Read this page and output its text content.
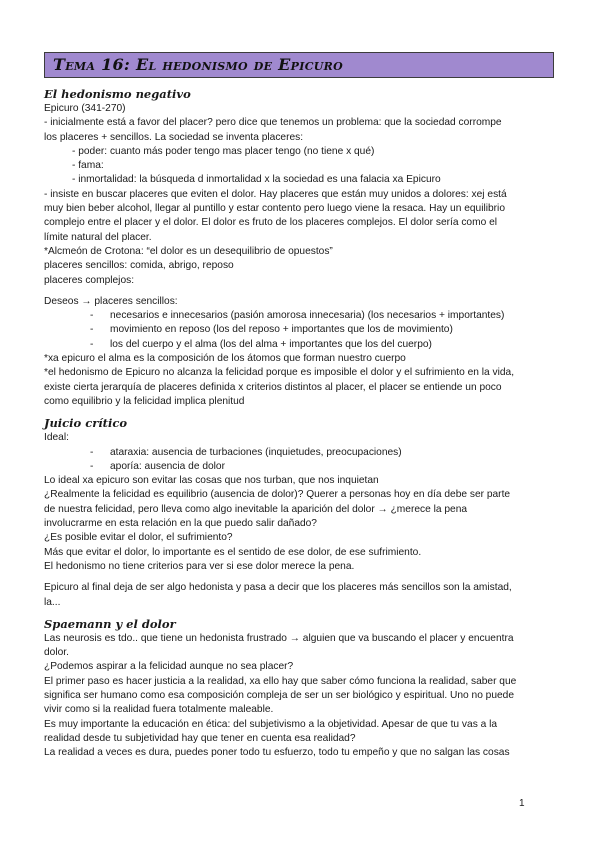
Tema 16: El hedonismo de Epicuro
El hedonismo negativo

Epicuro (341-270)

- inicialmente está a favor del placer? pero dice que tenemos un problema: que la sociedad corrompe

los placeres + sencillos. La sociedad se inventa placeres:

- poder: cuanto más poder tengo mas placer tengo (no tiene x qué)

- fama:

- inmortalidad: la búsqueda d inmortalidad x la sociedad es una falacia xa Epicuro

- insiste en buscar placeres que eviten el dolor. Hay placeres que están muy unidos a dolores: xej está

muy bien beber alcohol, llegar al puntillo y estar contento pero luego viene la resaca. Hay un equilibrio

complejo entre el placer y el dolor. El dolor es fruto de los placeres complejos. El dolor sería como el

límite natural del placer.

*Alcmeón de Crotona: “el dolor es un desequilibrio de opuestos”

placeres sencillos: comida, abrigo, reposo

placeres complejos:

Deseos → placeres sencillos:

-	necesarios e innecesarios (pasión amorosa innecesaria) (los necesarios + importantes)
-	movimiento en reposo (los del reposo + importantes que los de movimiento)
-	los del cuerpo y el alma (los del alma + importantes que los del cuerpo)

*xa epicuro el alma es la composición de los átomos que forman nuestro cuerpo

*el hedonismo de Epicuro no alcanza la felicidad porque es imposible el dolor y el sufrimiento en la vida,

existe cierta jerarquía de placeres definida x criterios distintos al placer, el placer se entiende un poco

como equilibrio y la felicidad implica plenitud

Juicio crítico

Ideal:

-	ataraxia: ausencia de turbaciones (inquietudes, preocupaciones)
-	aporía: ausencia de dolor

Lo ideal xa epicuro son evitar las cosas que nos turban, que nos inquietan

¿Realmente la felicidad es equilibrio (ausencia de dolor)? Querer a personas hoy en día debe ser parte

de nuestra felicidad, pero lleva como algo inevitable la aparición del dolor → ¿merece la pena

involucrarme en esta relación en la que puedo salir dañado?

¿Es posible evitar el dolor, el sufrimiento?

Más que evitar el dolor, lo importante es el sentido de ese dolor, de ese sufrimiento.

El hedonismo no tiene criterios para ver si ese dolor merece la pena.

Epicuro al final deja de ser algo hedonista y pasa a decir que los placeres más sencillos son la amistad,

la...

Spaemann y el dolor

Las neurosis es tdo.. que tiene un hedonista frustrado → alguien que va buscando el placer y encuentra

dolor.

¿Podemos aspirar a la felicidad aunque no sea placer?

El primer paso es hacer justicia a la realidad, xa ello hay que saber cómo funciona la realidad, saber que

significa ser humano como esa composición compleja de ser un ser biológico y espiritual. Uno no puede

vivir como si la realidad fuera totalmente maleable.

Es muy importante la educación en ética: del subjetivismo a la objetividad. Apesar de que tu vas a la

realidad desde tu subjetividad hay que tener en cuenta esa realidad?

La realidad a veces es dura, puedes poner todo tu esfuerzo, todo tu empeño y que no salgan las cosas

1
